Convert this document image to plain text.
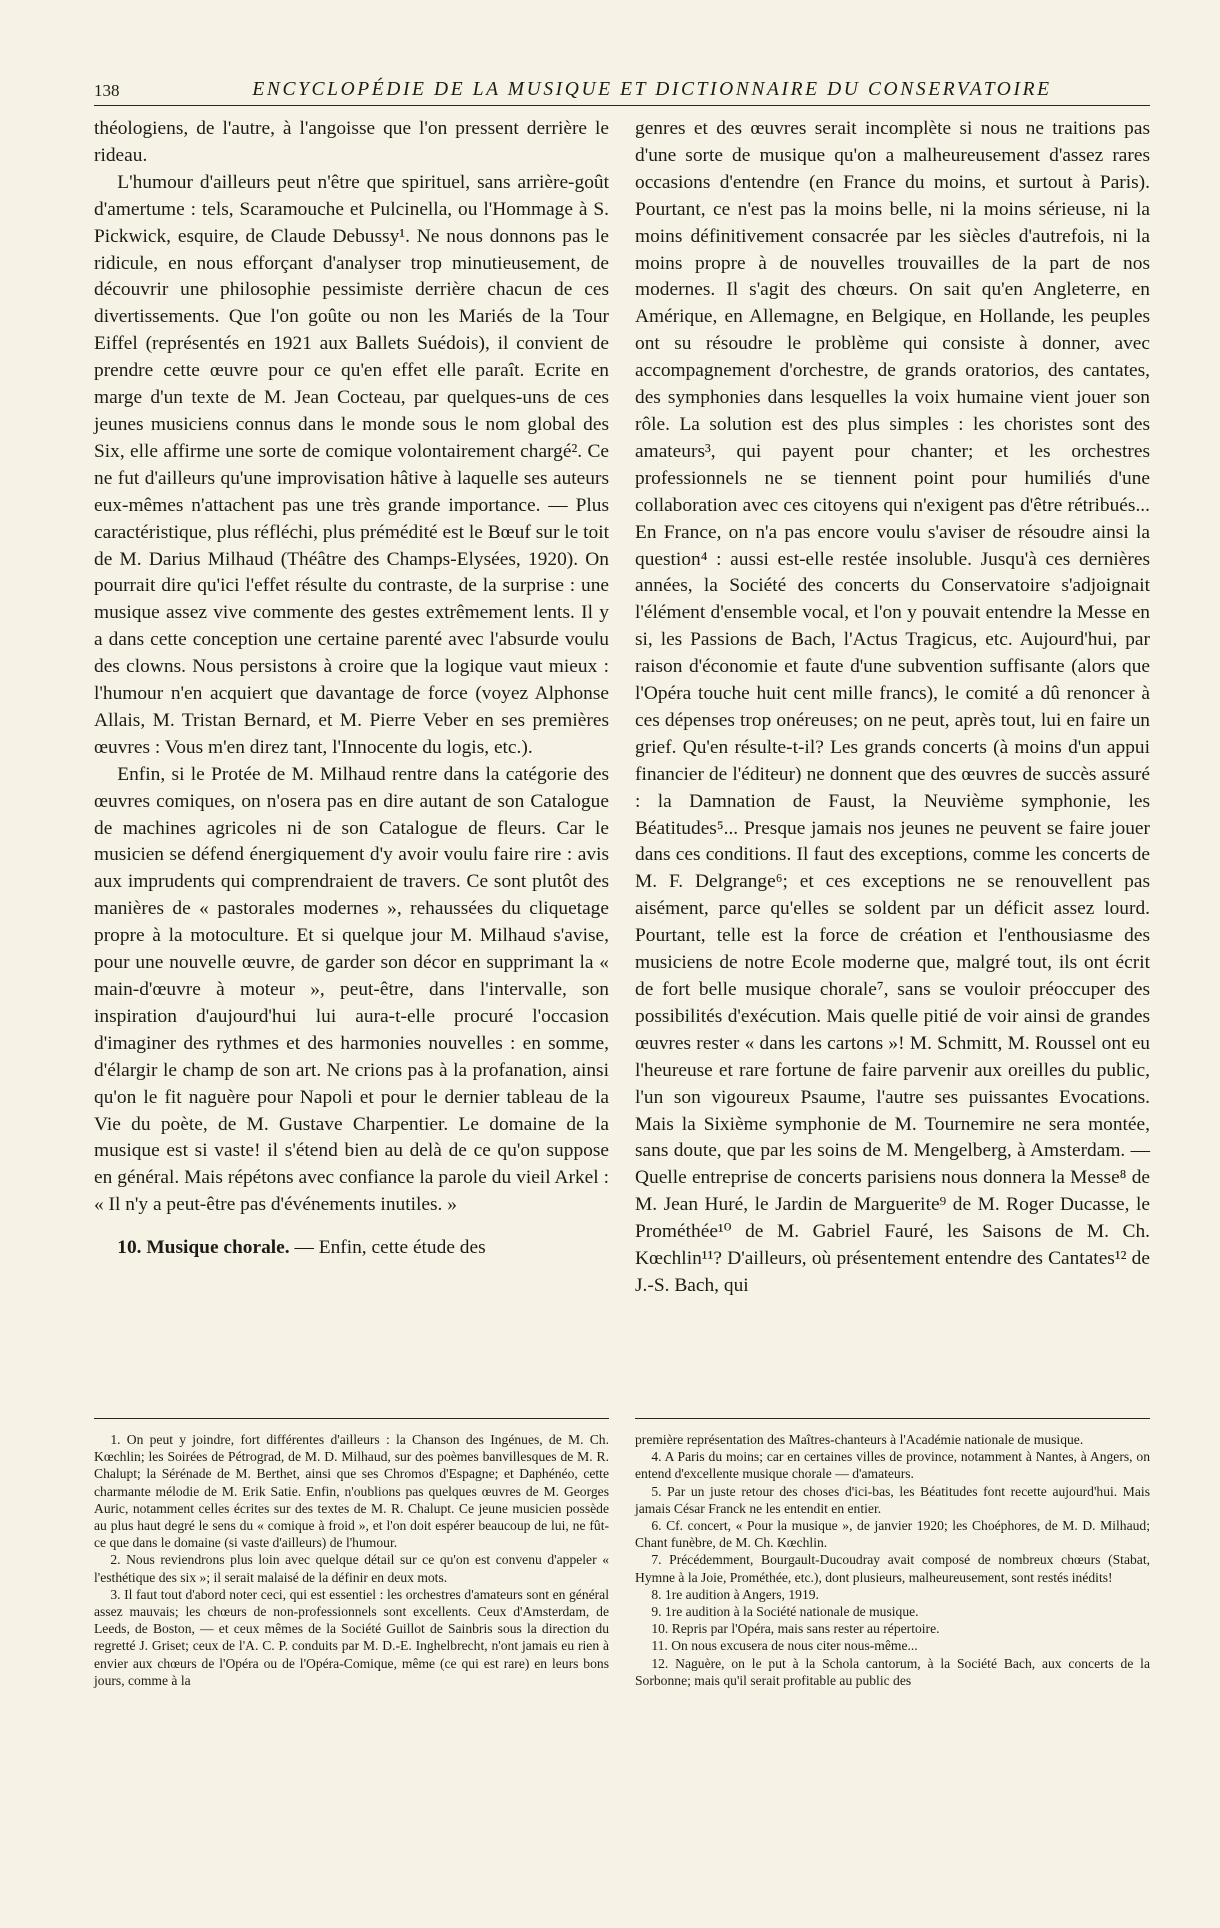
138	ENCYCLOPÉDIE DE LA MUSIQUE ET DICTIONNAIRE DU CONSERVATOIRE

théologiens, de l'autre, à l'angoisse que l'on pressent derrière le rideau.

L'humour d'ailleurs peut n'être que spirituel, sans arrière-goût d'amertume : tels, Scaramouche et Pulcinella, ou l'Hommage à S. Pickwick, esquire, de Claude Debussy¹. Ne nous donnons pas le ridicule, en nous efforçant d'analyser trop minutieusement, de découvrir une philosophie pessimiste derrière chacun de ces divertissements. Que l'on goûte ou non les Mariés de la Tour Eiffel (représentés en 1921 aux Ballets Suédois), il convient de prendre cette œuvre pour ce qu'en effet elle paraît. Ecrite en marge d'un texte de M. Jean Cocteau, par quelques-uns de ces jeunes musiciens connus dans le monde sous le nom global des Six, elle affirme une sorte de comique volontairement chargé². Ce ne fut d'ailleurs qu'une improvisation hâtive à laquelle ses auteurs eux-mêmes n'attachent pas une très grande importance. — Plus caractéristique, plus réfléchi, plus prémédité est le Bœuf sur le toit de M. Darius Milhaud (Théâtre des Champs-Elysées, 1920). On pourrait dire qu'ici l'effet résulte du contraste, de la surprise : une musique assez vive commente des gestes extrêmement lents. Il y a dans cette conception une certaine parenté avec l'absurde voulu des clowns. Nous persistons à croire que la logique vaut mieux : l'humour n'en acquiert que davantage de force (voyez Alphonse Allais, M. Tristan Bernard, et M. Pierre Veber en ses premières œuvres : Vous m'en direz tant, l'Innocente du logis, etc.).

Enfin, si le Protée de M. Milhaud rentre dans la catégorie des œuvres comiques, on n'osera pas en dire autant de son Catalogue de machines agricoles ni de son Catalogue de fleurs. Car le musicien se défend énergiquement d'y avoir voulu faire rire : avis aux imprudents qui comprendraient de travers. Ce sont plutôt des manières de « pastorales modernes », rehaussées du cliquetage propre à la motoculture. Et si quelque jour M. Milhaud s'avise, pour une nouvelle œuvre, de garder son décor en supprimant la « main-d'œuvre à moteur », peut-être, dans l'intervalle, son inspiration d'aujourd'hui lui aura-t-elle procuré l'occasion d'imaginer des rythmes et des harmonies nouvelles : en somme, d'élargir le champ de son art. Ne crions pas à la profanation, ainsi qu'on le fit naguère pour Napoli et pour le dernier tableau de la Vie du poète, de M. Gustave Charpentier. Le domaine de la musique est si vaste! il s'étend bien au delà de ce qu'on suppose en général. Mais répétons avec confiance la parole du vieil Arkel : « Il n'y a peut-être pas d'événements inutiles. »

10. Musique chorale. — Enfin, cette étude des

genres et des œuvres serait incomplète si nous ne traitions pas d'une sorte de musique qu'on a malheureusement d'assez rares occasions d'entendre (en France du moins, et surtout à Paris). Pourtant, ce n'est pas la moins belle, ni la moins sérieuse, ni la moins définitivement consacrée par les siècles d'autrefois, ni la moins propre à de nouvelles trouvailles de la part de nos modernes. Il s'agit des chœurs. On sait qu'en Angleterre, en Amérique, en Allemagne, en Belgique, en Hollande, les peuples ont su résoudre le problème qui consiste à donner, avec accompagnement d'orchestre, de grands oratorios, des cantates, des symphonies dans lesquelles la voix humaine vient jouer son rôle. La solution est des plus simples : les choristes sont des amateurs³, qui payent pour chanter; et les orchestres professionnels ne se tiennent point pour humiliés d'une collaboration avec ces citoyens qui n'exigent pas d'être rétribués... En France, on n'a pas encore voulu s'aviser de résoudre ainsi la question⁴ : aussi est-elle restée insoluble. Jusqu'à ces dernières années, la Société des concerts du Conservatoire s'adjoignait l'élément d'ensemble vocal, et l'on y pouvait entendre la Messe en si, les Passions de Bach, l'Actus Tragicus, etc. Aujourd'hui, par raison d'économie et faute d'une subvention suffisante (alors que l'Opéra touche huit cent mille francs), le comité a dû renoncer à ces dépenses trop onéreuses; on ne peut, après tout, lui en faire un grief. Qu'en résulte-t-il? Les grands concerts (à moins d'un appui financier de l'éditeur) ne donnent que des œuvres de succès assuré : la Damnation de Faust, la Neuvième symphonie, les Béatitudes⁵... Presque jamais nos jeunes ne peuvent se faire jouer dans ces conditions. Il faut des exceptions, comme les concerts de M. F. Delgrange⁶; et ces exceptions ne se renouvellent pas aisément, parce qu'elles se soldent par un déficit assez lourd. Pourtant, telle est la force de création et l'enthousiasme des musiciens de notre Ecole moderne que, malgré tout, ils ont écrit de fort belle musique chorale⁷, sans se vouloir préoccuper des possibilités d'exécution. Mais quelle pitié de voir ainsi de grandes œuvres rester « dans les cartons »! M. Schmitt, M. Roussel ont eu l'heureuse et rare fortune de faire parvenir aux oreilles du public, l'un son vigoureux Psaume, l'autre ses puissantes Evocations. Mais la Sixième symphonie de M. Tournemire ne sera montée, sans doute, que par les soins de M. Mengelberg, à Amsterdam. — Quelle entreprise de concerts parisiens nous donnera la Messe⁸ de M. Jean Huré, le Jardin de Marguerite⁹ de M. Roger Ducasse, le Prométhée¹⁰ de M. Gabriel Fauré, les Saisons de M. Ch. Kœchlin¹¹? D'ailleurs, où présentement entendre des Cantates¹² de J.-S. Bach, qui

1. On peut y joindre, fort différentes d'ailleurs : la Chanson des Ingénues, de M. Ch. Kœchlin; les Soirées de Pétrograd, de M. D. Milhaud, sur des poèmes banvillesques de M. R. Chalupt; la Sérénade de M. Berthet, ainsi que ses Chromos d'Espagne; et Daphénéo, cette charmante mélodie de M. Erik Satie. Enfin, n'oublions pas quelques œuvres de M. Georges Auric, notamment celles écrites sur des textes de M. R. Chalupt. Ce jeune musicien possède au plus haut degré le sens du « comique à froid », et l'on doit espérer beaucoup de lui, ne fût-ce que dans le domaine (si vaste d'ailleurs) de l'humour.

2. Nous reviendrons plus loin avec quelque détail sur ce qu'on est convenu d'appeler « l'esthétique des six »; il serait malaisé de la définir en deux mots.

3. Il faut tout d'abord noter ceci, qui est essentiel : les orchestres d'amateurs sont en général assez mauvais; les chœurs de non-professionnels sont excellents. Ceux d'Amsterdam, de Leeds, de Boston, — et ceux mêmes de la Société Guillot de Sainbris sous la direction du regretté J. Griset; ceux de l'A. C. P. conduits par M. D.-E. Inghelbrecht, n'ont jamais eu rien à envier aux chœurs de l'Opéra ou de l'Opéra-Comique, même (ce qui est rare) en leurs bons jours, comme à la

première représentation des Maîtres-chanteurs à l'Académie nationale de musique.

4. A Paris du moins; car en certaines villes de province, notamment à Nantes, à Angers, on entend d'excellente musique chorale — d'amateurs.

5. Par un juste retour des choses d'ici-bas, les Béatitudes font recette aujourd'hui. Mais jamais César Franck ne les entendit en entier.

6. Cf. concert, « Pour la musique », de janvier 1920; les Choéphores, de M. D. Milhaud; Chant funèbre, de M. Ch. Kœchlin.

7. Précédemment, Bourgault-Ducoudray avait composé de nombreux chœurs (Stabat, Hymne à la Joie, Prométhée, etc.), dont plusieurs, malheureusement, sont restés inédits!

8. 1re audition à Angers, 1919.

9. 1re audition à la Société nationale de musique.

10. Repris par l'Opéra, mais sans rester au répertoire.

11. On nous excusera de nous citer nous-même...

12. Naguère, on le put à la Schola cantorum, à la Société Bach, aux concerts de la Sorbonne; mais qu'il serait profitable au public des
